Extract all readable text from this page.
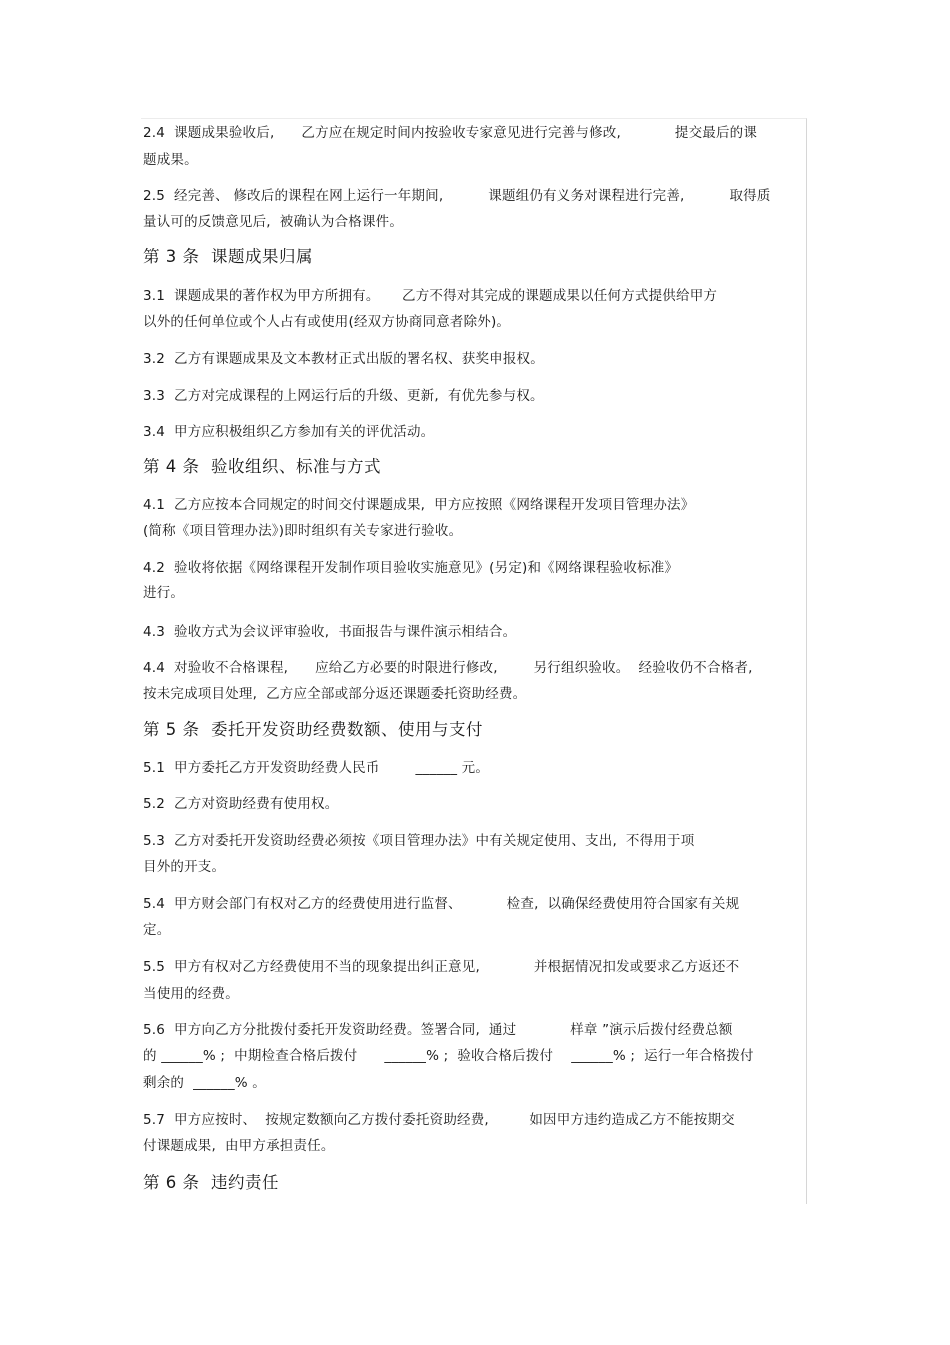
2.4  课题成果验收后,      乙方应在规定时间内按验收专家意见进行完善与修改,            提交最后的课
题成果。
2.5  经完善、 修改后的课程在网上运行一年期间,          课题组仍有义务对课程进行完善,          取得质
量认可的反馈意见后,  被确认为合格课件。
第 3 条  课题成果归属
3.1  课题成果的著作权为甲方所拥有。     乙方不得对其完成的课题成果以任何方式提供给甲方
以外的任何单位或个人占有或使用(经双方协商同意者除外)。
3.2  乙方有课题成果及文本教材正式出版的署名权、获奖申报权。
3.3  乙方对完成课程的上网运行后的升级、更新,  有优先参与权。
3.4  甲方应积极组织乙方参加有关的评优活动。
第 4 条  验收组织、标准与方式
4.1  乙方应按本合同规定的时间交付课题成果,  甲方应按照《网络课程开发项目管理办法》
(简称《项目管理办法》)即时组织有关专家进行验收。
4.2  验收将依据《网络课程开发制作项目验收实施意见》(另定)和《网络课程验收标准》
进行。
4.3  验收方式为会议评审验收,  书面报告与课件演示相结合。
4.4  对验收不合格课程,      应给乙方必要的时限进行修改,        另行组织验收。  经验收仍不合格者,
按未完成项目处理,  乙方应全部或部分返还课题委托资助经费。
第 5 条  委托开发资助经费数额、使用与支付
5.1  甲方委托乙方开发资助经费人民币        ______ 元。
5.2  乙方对资助经费有使用权。
5.3  乙方对委托开发资助经费必须按《项目管理办法》中有关规定使用、支出,  不得用于项
目外的开支。
5.4  甲方财会部门有权对乙方的经费使用进行监督、          检查,  以确保经费使用符合国家有关规
定。
5.5  甲方有权对乙方经费使用不当的现象提出纠正意见,            并根据情况扣发或要求乙方返还不
当使用的经费。
5.6  甲方向乙方分批拨付委托开发资助经费。签署合同,  通过            样章 ”演示后拨付经费总额
的 ______% ;  中期检查合格后拨付      ______% ;  验收合格后拨付    ______% ;  运行一年合格拨付
剩余的  ______% 。
5.7  甲方应按时、  按规定数额向乙方拨付委托资助经费,         如因甲方违约造成乙方不能按期交
付课题成果,  由甲方承担责任。
第 6 条  违约责任
